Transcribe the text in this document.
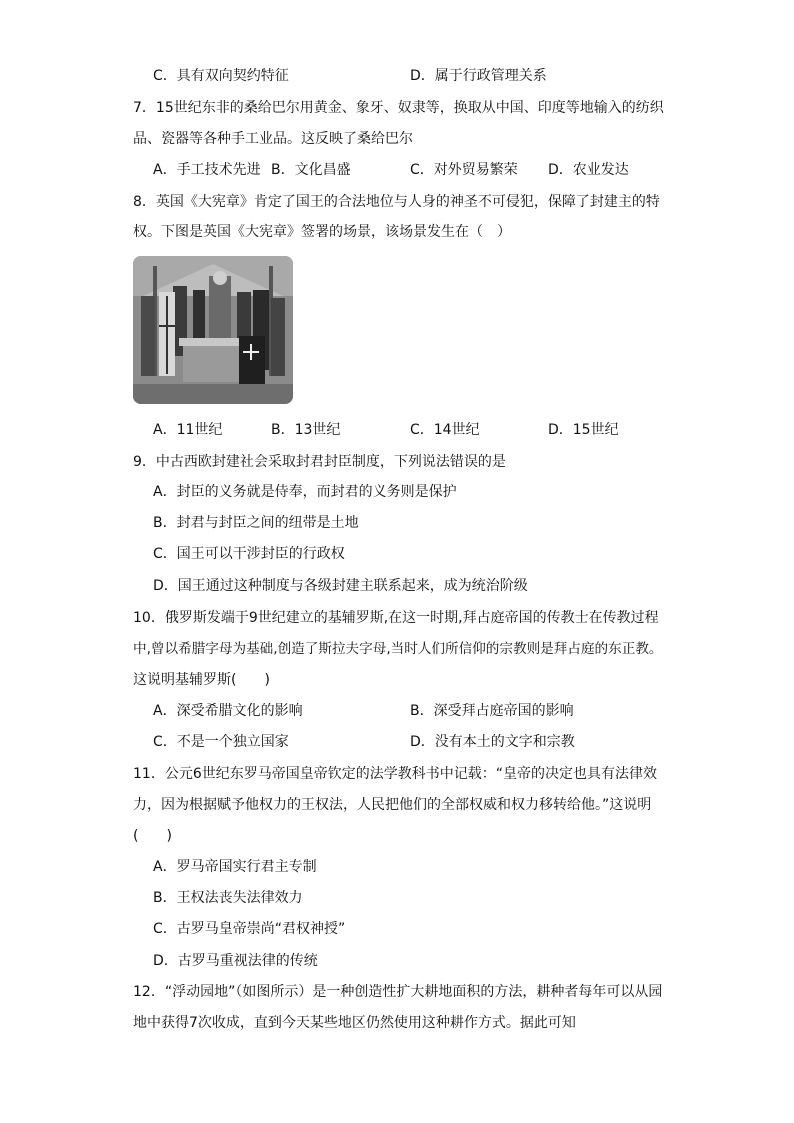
C．具有双向契约特征	D．属于行政管理关系
7．15世纪东非的桑给巴尔用黄金、象牙、奴隶等，换取从中国、印度等地输入的纺织
品、瓷器等各种手工业品。这反映了桑给巴尔
A．手工技术先进 B．文化昌盛	C．对外贸易繁荣 D．农业发达
8．英国《大宪章》肯定了国王的合法地位与人身的神圣不可侵犯，保障了封建主的特
权。下图是英国《大宪章》签署的场景，该场景发生在（　）
A．11世纪	B．13世纪	C．14世纪	D．15世纪
9．中古西欧封建社会采取封君封臣制度，下列说法错误的是
A．封臣的义务就是侍奉，而封君的义务则是保护
B．封君与封臣之间的纽带是土地
C．国王可以干涉封臣的行政权
D．国王通过这种制度与各级封建主联系起来，成为统治阶级
10．俄罗斯发端于9世纪建立的基辅罗斯,在这一时期,拜占庭帝国的传教士在传教过程
中,曾以希腊字母为基础,创造了斯拉夫字母,当时人们所信仰的宗教则是拜占庭的东正教。
这说明基辅罗斯(　　)
A．深受希腊文化的影响	B．深受拜占庭帝国的影响
C．不是一个独立国家	D．没有本土的文字和宗教
11．公元6世纪东罗马帝国皇帝钦定的法学教科书中记载：“皇帝的决定也具有法律效
力，因为根据赋予他权力的王权法，人民把他们的全部权威和权力移转给他。”这说明
(　　)
A．罗马帝国实行君主专制
B．王权法丧失法律效力
C．古罗马皇帝崇尚“君权神授”
D．古罗马重视法律的传统
12．“浮动园地”（如图所示）是一种创造性扩大耕地面积的方法，耕种者每年可以从园
地中获得7次收成，直到今天某些地区仍然使用这种耕作方式。据此可知
